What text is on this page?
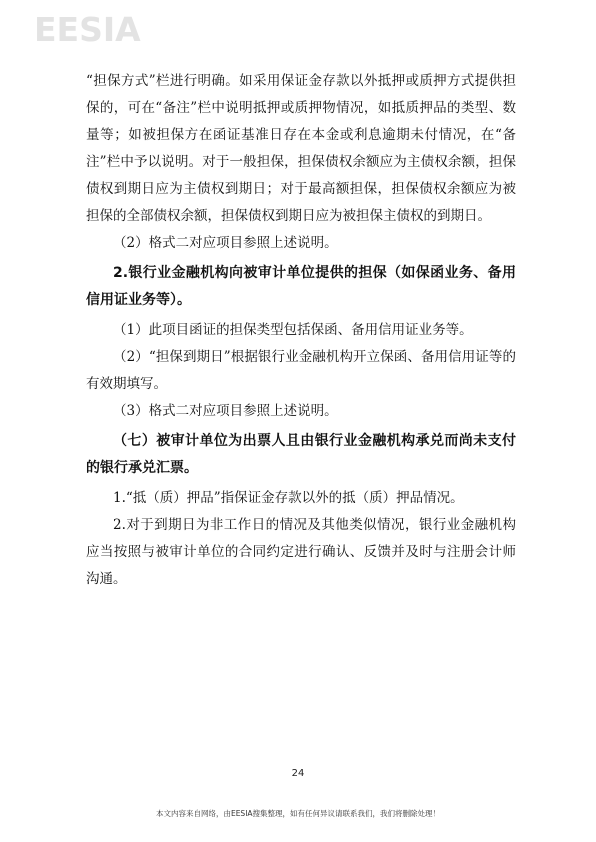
EESIA

“担保方式”栏进行明确。如采用保证金存款以外抵押或质押方式提供担保的，可在“备注”栏中说明抵押或质押物情况，如抵质押品的类型、数量等；如被担保方在函证基准日存在本金或利息逾期未付情况，在“备注”栏中予以说明。对于一般担保，担保债权余额应为主债权余额，担保债权到期日应为主债权到期日；对于最高额担保，担保债权余额应为被担保的全部债权余额，担保债权到期日应为被担保主债权的到期日。

（2）格式二对应项目参照上述说明。

2.银行业金融机构向被审计单位提供的担保（如保函业务、备用信用证业务等）。

（1）此项目函证的担保类型包括保函、备用信用证业务等。

（2）“担保到期日”根据银行业金融机构开立保函、备用信用证等的有效期填写。

（3）格式二对应项目参照上述说明。

（七）被审计单位为出票人且由银行业金融机构承兑而尚未支付的银行承兑汇票。

1.“抵（质）押品”指保证金存款以外的抵（质）押品情况。

2.对于到期日为非工作日的情况及其他类似情况，银行业金融机构应当按照与被审计单位的合同约定进行确认、反馈并及时与注册会计师沟通。

24
本文内容来自网络，由EESIA搜集整理，如有任何异议请联系我们，我们将删除处理！
